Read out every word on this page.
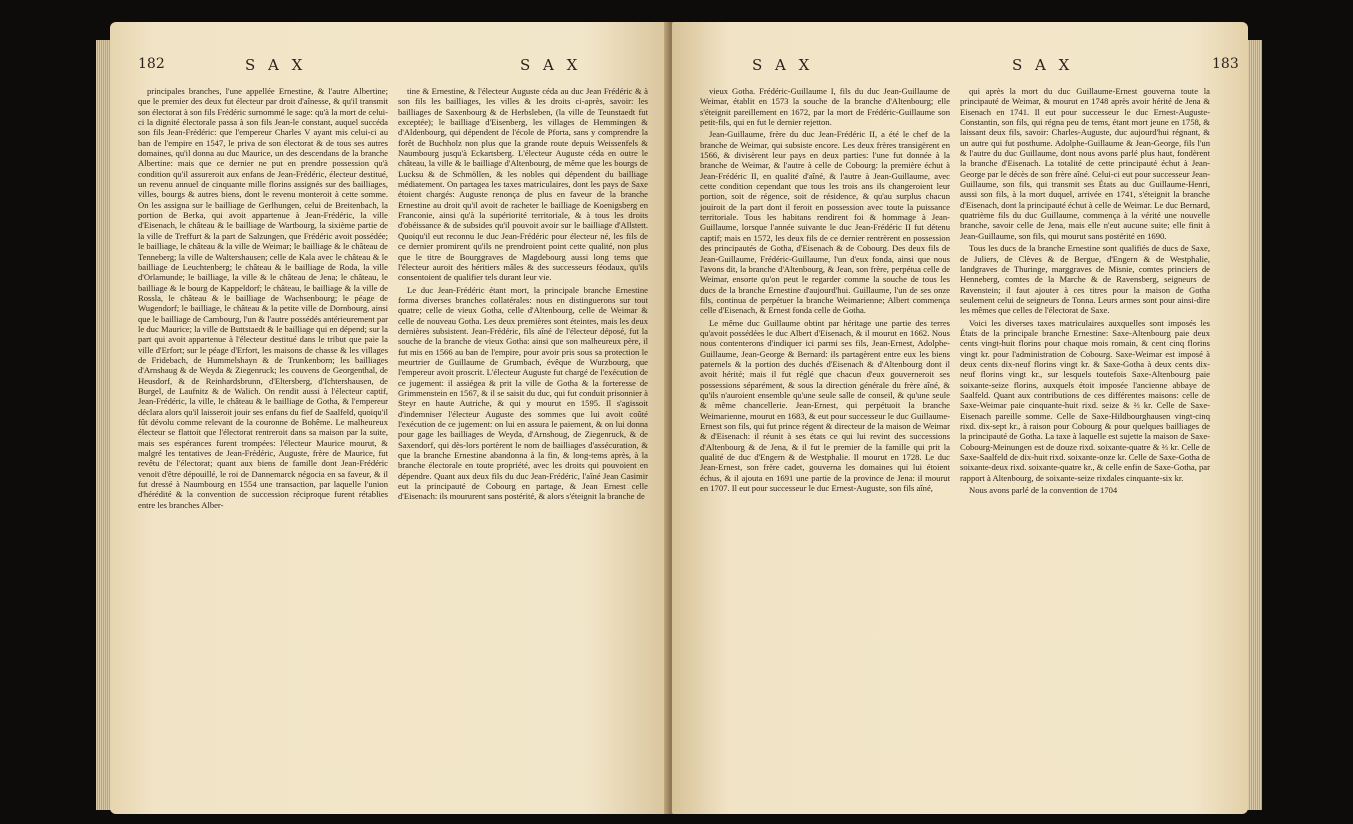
182	S A X	S A X

principales branches, l'une appellée Ernestine, & l'autre Albertine; que le premier des deux fut électeur par droit d'aînesse, & qu'il transmit son électorat à son fils Frédéric surnommé le sage: qu'à la mort de celui-ci la dignité électorale passa à son fils Jean-le constant, auquel succéda son fils Jean-Frédéric: que l'empereur Charles V ayant mis celui-ci au ban de l'empire en 1547, le priva de son électorat & de tous ses autres domaines, qu'il donna au duc Maurice, un des descendans de la branche Albertine: mais que ce dernier ne put en prendre possession qu'à condition qu'il assureroit aux enfans de Jean-Frédéric, électeur destitué, un revenu annuel de cinquante mille florins assignés sur des bailliages, villes, bourgs & autres biens, dont le revenu monteroit à cette somme. On les assigna sur le bailliage de Gerlhungen, celui de Breitenbach, la portion de Berka, qui avoit appartenue à Jean-Frédéric, la ville d'Eisenach, le château & le bailliage de Wartbourg, la sixième partie de la ville de Treffurt & la part de Salzungen, que Frédéric avoit possédée; le bailliage, le château & la ville de Weimar; le bailliage & le château de Tenneberg; la ville de Waltershausen; celle de Kala avec le château & le bailliage de Leuchtenberg; le château & le bailliage de Roda, la ville d'Orlamunde; le bailliage, la ville & le château de Jena; le château, le bailliage & le bourg de Kappeldorf; le château, le bailliage & la ville de Rossla, le château & le bailliage de Wachsenbourg; le péage de Wugendorf; le bailliage, le château & la petite ville de Dornbourg, ainsi que le bailliage de Cambourg, l'un & l'autre possédés antérieurement par le duc Maurice; la ville de Buttstaedt & le bailliage qui en dépend; sur la part qui avoit appartenue à l'électeur destitué dans le tribut que paie la ville d'Erfort; sur le péage d'Erfort, les maisons de chasse & les villages de Fridebach, de Hummelshayn & de Trunkenborn; les bailliages d'Arnshaug & de Weyda & Ziegenruck; les couvens de Georgenthal, de Heusdorf, & de Reinhardsbrunn, d'Eltersberg, d'Ichtershausen, de Burgel, de Laufnitz & de Walich. On rendit aussi à l'électeur captif, Jean-Frédéric, la ville, le château & le bailliage de Gotha, & l'empereur déclara alors qu'il laisseroit jouir ses enfans du fief de Saalfeld, quoiqu'il fût dévolu comme relevant de la couronne de Bohême. Le malheureux électeur se flattoit que l'électorat rentreroit dans sa maison par la suite, mais ses espérances furent trompées: l'électeur Maurice mourut, & malgré les tentatives de Jean-Frédéric, Auguste, frère de Maurice, fut revêtu de l'électorat; quant aux biens de famille dont Jean-Frédéric venoit d'être dépouillé, le roi de Dannemarck négocia en sa faveur, & il fut dressé à Naumbourg en 1554 une transaction, par laquelle l'union d'hérédité & la convention de succession réciproque furent rétablies entre les branches Alber-

tine & Ernestine, & l'électeur Auguste céda au duc Jean Frédéric & à son fils les bailliages, les villes & les droits ci-après, savoir: les bailliages de Saxenbourg & de Herbsleben, (la ville de Teunstaedt fut exceptée); le bailliage d'Eisenberg, les villages de Hemmingen & d'Aldenbourg, qui dépendent de l'école de Pforta, sans y comprendre la forêt de Buchholz non plus que la grande route depuis Weissenfels & Naumbourg jusqu'à Eckartsberg. L'électeur Auguste céda en outre le château, la ville & le bailliage d'Altenbourg, de même que les bourgs de Lucksu & de Schmöllen, & les nobles qui dépendent du bailliage médiatement. On partagea les taxes matriculaires, dont les pays de Saxe étoient chargés: Auguste renonça de plus en faveur de la branche Ernestine au droit qu'il avoit de racheter le bailliage de Koenigsberg en Franconie, ainsi qu'à la supériorité territoriale, & à tous les droits d'obéissance & de subsides qu'il pouvoit avoir sur le bailliage d'Allstett. Quoiqu'il eut reconnu le duc Jean-Frédéric pour électeur né, les fils de ce dernier promirent qu'ils ne prendroient point cette qualité, non plus que le titre de Bourggraves de Magdebourg aussi long tems que l'électeur auroit des héritiers mâles & des successeurs féodaux, qu'ils consentoient de qualifier tels durant leur vie.

Le duc Jean-Frédéric étant mort, la principale branche Ernestine forma diverses branches collatérales: nous en distinguerons sur tout quatre; celle de vieux Gotha, celle d'Altenbourg, celle de Weimar & celle de nouveau Gotha. Les deux premières sont éteintes, mais les deux dernières subsistent. Jean-Frédéric, fils aîné de l'électeur déposé, fut la souche de la branche de vieux Gotha: ainsi que son malheureux père, il fut mis en 1566 au ban de l'empire, pour avoir pris sous sa protection le meurtrier de Guillaume de Grumbach, évêque de Wurzbourg, que l'empereur avoit proscrit. L'électeur Auguste fut chargé de l'exécution de ce jugement: il assiégea & prit la ville de Gotha & la forteresse de Grimmenstein en 1567, & il se saisit du duc, qui fut conduit prisonnier à Steyr en haute Autriche, & qui y mourut en 1595. Il s'agissoit d'indemniser l'électeur Auguste des sommes que lui avoit coûté l'exécution de ce jugement: on lui en assura le paiement, & on lui donna pour gage les bailliages de Weyda, d'Arnshoug, de Ziegenruck, & de Saxendorf, qui dès-lors portèrent le nom de bailliages d'assécuration, & que la branche Ernestine abandonna à la fin, & long-tems après, à la branche électorale en toute propriété, avec les droits qui pouvoient en dépendre. Quant aux deux fils du duc Jean-Frédéric, l'aîné Jean Casimir eut la principauté de Cobourg en partage, & Jean Ernest celle d'Eisenach: ils moururent sans postérité, & alors s'éteignit la branche de

183
S A X	S A X

vieux Gotha. Frédéric-Guillaume I, fils du duc Jean-Guillaume de Weimar, établit en 1573 la souche de la branche d'Altenbourg; elle s'éteignit pareillement en 1672, par la mort de Frédéric-Guillaume son petit-fils, qui en fut le dernier rejetton.

Jean-Guillaume, frère du duc Jean-Frédéric II, a été le chef de la branche de Weimar, qui subsiste encore. Les deux frères transigèrent en 1566, & divisèrent leur pays en deux parties: l'une fut donnée à la branche de Weimar, & l'autre à celle de Cobourg: la première échut à Jean-Frédéric II, en qualité d'aîné, & l'autre à Jean-Guillaume, avec cette condition cependant que tous les trois ans ils changeroient leur portion, soit de régence, soit de résidence, & qu'au surplus chacun jouiroit de la part dont il feroit en possession avec toute la puissance territoriale. Tous les habitans rendirent foi & hommage à Jean-Guillaume, lorsque l'année suivante le duc Jean-Frédéric II fut détenu captif; mais en 1572, les deux fils de ce dernier rentrèrent en possession des principautés de Gotha, d'Eisenach & de Cobourg. Des deux fils de Jean-Guillaume, Frédéric-Guillaume, l'un d'eux fonda, ainsi que nous l'avons dit, la branche d'Altenbourg, & Jean, son frère, perpétua celle de Weimar, ensorte qu'on peut le regarder comme la souche de tous les ducs de la branche Ernestine d'aujourd'hui. Guillaume, l'un de ses onze fils, continua de perpétuer la branche Weimarienne; Albert commença celle d'Eisenach, & Ernest fonda celle de Gotha.

Le même duc Guillaume obtint par héritage une partie des terres qu'avoit possédées le duc Albert d'Eisenach, & il mourut en 1662. Nous nous contenterons d'indiquer ici parmi ses fils, Jean-Ernest, Adolphe-Guillaume, Jean-George & Bernard: ils partagèrent entre eux les biens paternels & la portion des duchés d'Eisenach & d'Altenbourg dont il avoit hérité; mais il fut réglé que chacun d'eux gouverneroit ses possessions séparément, & sous la direction générale du frère aîné, & qu'ils n'auroient ensemble qu'une seule salle de conseil, & qu'une seule & même chancellerie. Jean-Ernest, qui perpétuoit la branche Weimarienne, mourut en 1683, & eut pour successeur le duc Guillaume-Ernest son fils, qui fut prince régent & directeur de la maison de Weimar & d'Eisenach: il réunit à ses états ce qui lui revint des successions d'Altenbourg & de Jena, & il fut le premier de la famille qui prit la qualité de duc d'Engern & de Westphalie. Il mourut en 1728. Le duc Jean-Ernest, son frère cadet, gouverna les domaines qui lui étoient échus, & il ajouta en 1691 une partie de la province de Jena: il mourut en 1707. Il eut pour successeur le duc Ernest-Auguste, son fils aîné,

qui après la mort du duc Guillaume-Ernest gouverna toute la principauté de Weimar, & mourut en 1748 après avoir hérité de Jena & Eisenach en 1741. Il eut pour successeur le duc Ernest-Auguste-Constantin, son fils, qui régna peu de tems, étant mort jeune en 1758, & laissant deux fils, savoir: Charles-Auguste, duc aujourd'hui régnant, & un autre qui fut posthume. Adolphe-Guillaume & Jean-George, fils l'un & l'autre du duc Guillaume, dont nous avons parlé plus haut, fondèrent la branche d'Eisenach. La totalité de cette principauté échut à Jean-George par le décès de son frère aîné. Celui-ci eut pour successeur Jean-Guillaume, son fils, qui transmit ses États au duc Guillaume-Henri, aussi son fils, à la mort duquel, arrivée en 1741, s'éteignit la branche d'Eisenach, dont la principauté échut à celle de Weimar. Le duc Bernard, quatrième fils du duc Guillaume, commença à la vérité une nouvelle branche, savoir celle de Jena, mais elle n'eut aucune suite; elle finit à Jean-Guillaume, son fils, qui mourut sans postérité en 1690.

Tous les ducs de la branche Ernestine sont qualifiés de ducs de Saxe, de Juliers, de Clèves & de Bergue, d'Engern & de Westphalie, landgraves de Thuringe, marggraves de Misnie, comtes princiers de Henneberg, comtes de la Marche & de Ravensberg, seigneurs de Ravenstein; il faut ajouter à ces titres pour la maison de Gotha seulement celui de seigneurs de Tonna. Leurs armes sont pour ainsi-dire les mêmes que celles de l'électorat de Saxe.

Voici les diverses taxes matriculaires auxquelles sont imposés les États de la principale branche Ernestine: Saxe-Altenbourg paie deux cents vingt-huit florins pour chaque mois romain, & cent cinq florins vingt kr. pour l'administration de Cobourg. Saxe-Weimar est imposé à deux cents dix-neuf florins vingt kr. & Saxe-Gotha à deux cents dix-neuf florins vingt kr., sur lesquels toutefois Saxe-Altenbourg paie soixante-seize florins, auxquels étoit imposée l'ancienne abbaye de Saalfeld. Quant aux contributions de ces différentes maisons: celle de Saxe-Weimar paie cinquante-huit rixd. seize & ⅔ kr. Celle de Saxe-Eisenach pareille somme. Celle de Saxe-Hildbourghausen vingt-cinq rixd. dix-sept kr., à raison pour Cobourg & pour quelques bailliages de la principauté de Gotha. La taxe à laquelle est sujette la maison de Saxe-Cobourg-Meinungen est de douze rixd. soixante-quatre & ⅔ kr. Celle de Saxe-Saalfeld de dix-huit rixd. soixante-onze kr. Celle de Saxe-Gotha de soixante-deux rixd. soixante-quatre kr., & celle enfin de Saxe-Gotha, par rapport à Altenbourg, de soixante-seize rixdales cinquante-six kr.

Nous avons parlé de la convention de 1704
